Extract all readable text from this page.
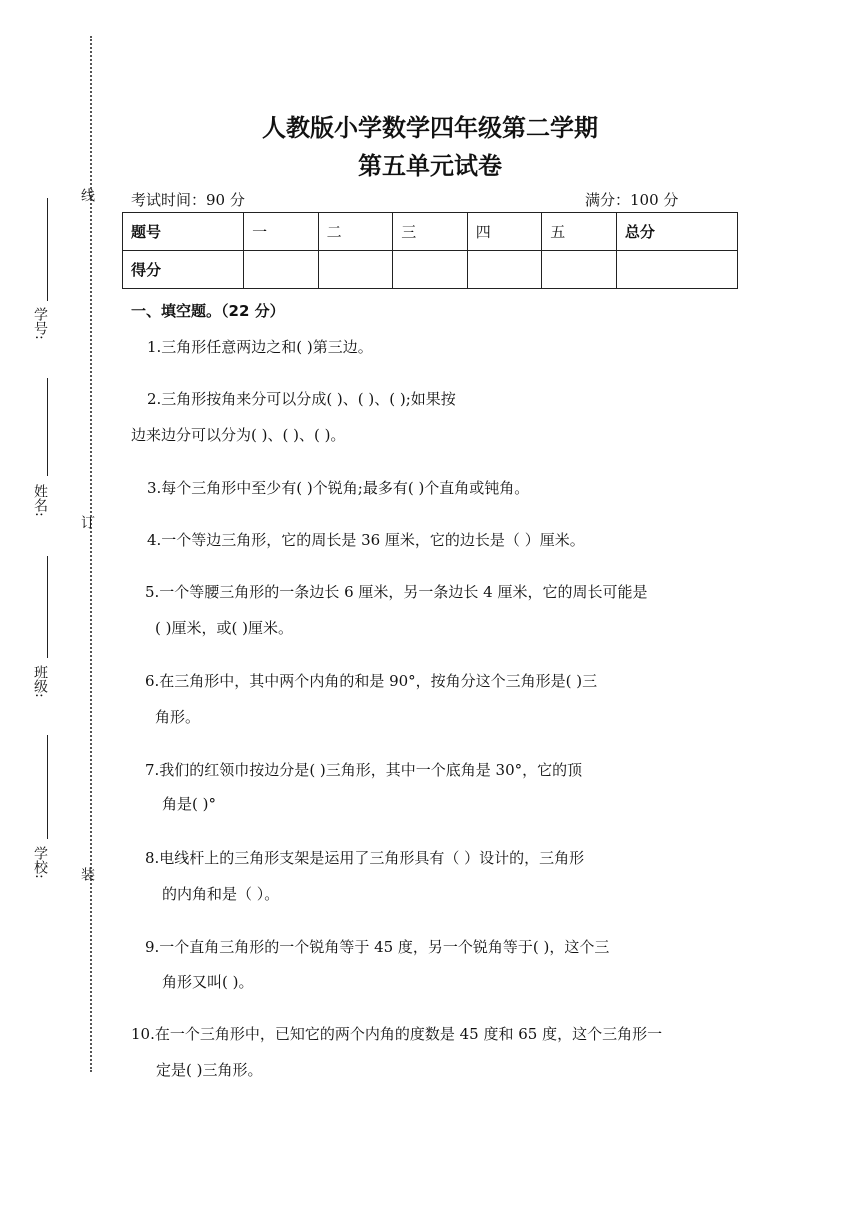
线
订
装
学号:
姓名:
班级:
学校:
人教版小学数学四年级第二学期
第五单元试卷
考试时间：90 分	满分：100 分
题号	一	二	三	四	五	总分
得分						
一、填空题。（22 分）
1.三角形任意两边之和( )第三边。
2.三角形按角来分可以分成( )、( )、( );如果按
边来边分可以分为( )、( )、( )。
3.每个三角形中至少有( )个锐角;最多有( )个直角或钝角。
4.一个等边三角形，它的周长是 36 厘米，它的边长是（ ）厘米。
5.一个等腰三角形的一条边长 6 厘米，另一条边长 4 厘米，它的周长可能是
( )厘米，或( )厘米。
6.在三角形中，其中两个内角的和是 90°，按角分这个三角形是( )三
角形。
7.我们的红领巾按边分是( )三角形，其中一个底角是 30°，它的顶
角是( )°
8.电线杆上的三角形支架是运用了三角形具有（ ）设计的，三角形
的内角和是（ ）。
9.一个直角三角形的一个锐角等于 45 度，另一个锐角等于( )，这个三
角形又叫( )。
10.在一个三角形中，已知它的两个内角的度数是 45 度和 65 度，这个三角形一
定是( )三角形。
